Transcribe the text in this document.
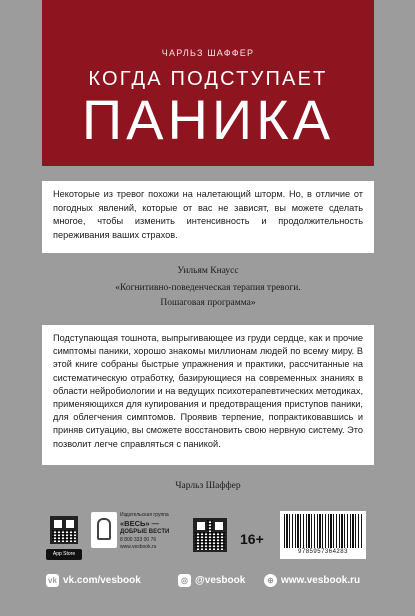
ЧАРЛЬЗ ШАФФЕР
КОГДА ПОДСТУПАЕТ
ПАНИКА

Некоторые из тревог похожи на налетающий шторм. Но, в отличие от погодных явлений, которые от вас не зависят, вы можете сделать многое, чтобы изменить интенсивность и продолжительность переживания ваших страхов.

Уильям Кнаусс
«Когнитивно-поведенческая терапия тревоги.
Пошаговая программа»

Подступающая тошнота, выпрыгивающее из груди сердце, как и прочие симптомы паники, хорошо знакомы миллионам людей по всему миру. В этой книге собраны быстрые упражнения и практики, рассчитанные на систематическую отработку, базирующиеся на современных знаниях в области нейробиологии и на ведущих психотерапевтических методиках, применяющихся для купирования и предотвращения приступов паники, для облегчения симптомов. Проявив терпение, попрактиковавшись и приняв ситуацию, вы сможете восстановить свою нервную систему. Это позволит легче справляться с паникой.

Чарльз Шаффер
App Store
Издательская группа
«ВЕСЬ» —
ДОБРЫЕ ВЕСТИ
8 800 333 00 76
www.vesbook.ru	16+
9785957364283
vk vk.com/vesbook	◎ @vesbook	⊕ www.vesbook.ru
